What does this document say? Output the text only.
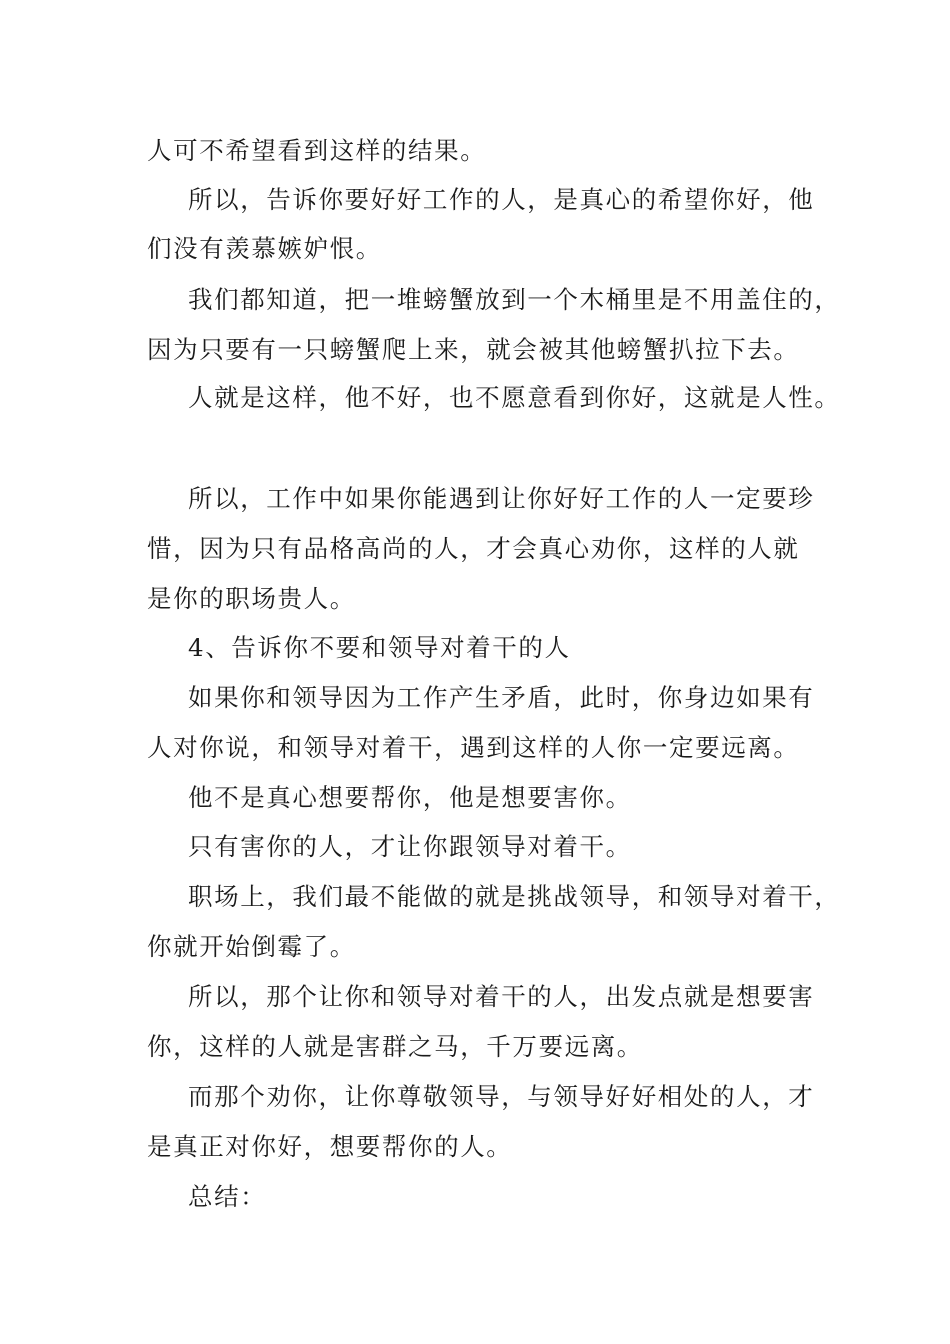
人可不希望看到这样的结果。
所以，告诉你要好好工作的人，是真心的希望你好，他
们没有羡慕嫉妒恨。
我们都知道，把一堆螃蟹放到一个木桶里是不用盖住的，
因为只要有一只螃蟹爬上来，就会被其他螃蟹扒拉下去。
人就是这样，他不好，也不愿意看到你好，这就是人性。
所以，工作中如果你能遇到让你好好工作的人一定要珍
惜，因为只有品格高尚的人，才会真心劝你，这样的人就
是你的职场贵人。
4、告诉你不要和领导对着干的人
如果你和领导因为工作产生矛盾，此时，你身边如果有
人对你说，和领导对着干，遇到这样的人你一定要远离。
他不是真心想要帮你，他是想要害你。
只有害你的人，才让你跟领导对着干。
职场上，我们最不能做的就是挑战领导，和领导对着干，
你就开始倒霉了。
所以，那个让你和领导对着干的人，出发点就是想要害
你，这样的人就是害群之马，千万要远离。
而那个劝你，让你尊敬领导，与领导好好相处的人，才
是真正对你好，想要帮你的人。
总结：
